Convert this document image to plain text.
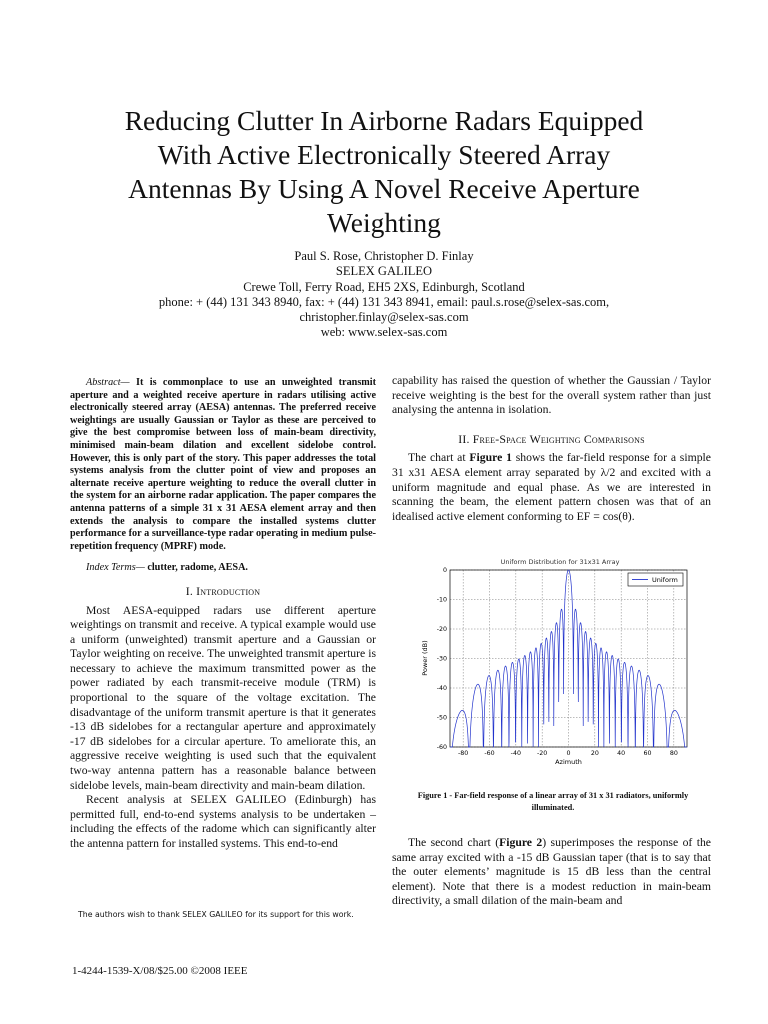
Reducing Clutter In Airborne Radars Equipped
With Active Electronically Steered Array
Antennas By Using A Novel Receive Aperture
Weighting
Paul S. Rose, Christopher D. Finlay
SELEX GALILEO
Crewe Toll, Ferry Road, EH5 2XS, Edinburgh, Scotland
phone: + (44) 131 343 8940, fax: + (44) 131 343 8941, email: paul.s.rose@selex-sas.com,
christopher.finlay@selex-sas.com
web: www.selex-sas.com

Abstract— It is commonplace to use an unweighted transmit aperture and a weighted receive aperture in radars utilising active electronically steered array (AESA) antennas. The preferred receive weightings are usually Gaussian or Taylor as these are perceived to give the best compromise between loss of main-beam directivity, minimised main-beam dilation and excellent sidelobe control. However, this is only part of the story. This paper addresses the total systems analysis from the clutter point of view and proposes an alternate receive aperture weighting to reduce the overall clutter in the system for an airborne radar application. The paper compares the antenna patterns of a simple 31 x 31 AESA element array and then extends the analysis to compare the installed systems clutter performance for a surveillance-type radar operating in medium pulse-repetition frequency (MPRF) mode.

Index Terms— clutter, radome, AESA.

I. Introduction

Most AESA-equipped radars use different aperture weightings on transmit and receive. A typical example would use a uniform (unweighted) transmit aperture and a Gaussian or Taylor weighting on receive. The unweighted transmit aperture is necessary to achieve the maximum transmitted power as the power radiated by each transmit-receive module (TRM) is proportional to the square of the voltage excitation. The disadvantage of the uniform transmit aperture is that it generates -13 dB sidelobes for a rectangular aperture and approximately -17 dB sidelobes for a circular aperture. To ameliorate this, an aggressive receive weighting is used such that the equivalent two-way antenna pattern has a reasonable balance between sidelobe levels, main-beam directivity and main-beam dilation.

Recent analysis at SELEX GALILEO (Edinburgh) has permitted full, end-to-end systems analysis to be undertaken – including the effects of the radome which can significantly alter the antenna pattern for installed systems. This end-to-end

capability has raised the question of whether the Gaussian / Taylor receive weighting is the best for the overall system rather than just analysing the antenna in isolation.

II. Free-Space Weighting Comparisons

The chart at Figure 1 shows the far-field response for a simple 31 x31 AESA element array separated by λ/2 and excited with a uniform magnitude and equal phase. As we are interested in scanning the beam, the element pattern chosen was that of an idealised active element conforming to EF = cos(θ).

Uniform Distribution for 31x31 Array
-80	-60	-40	-20	0	20	40	60	80
0
-10
-20
-30
-40
-50
-60
Uniform
Azimuth
Power (dB)
Figure 1 - Far-field response of a linear array of 31 x 31 radiators, uniformly illuminated.

The second chart (Figure 2) superimposes the response of the same array excited with a -15 dB Gaussian taper (that is to say that the outer elements’ magnitude is 15 dB less than the central element). Note that there is a modest reduction in main-beam directivity, a small dilation of the main-beam and

The authors wish to thank SELEX GALILEO for its support for this work.
1-4244-1539-X/08/$25.00 ©2008 IEEE
